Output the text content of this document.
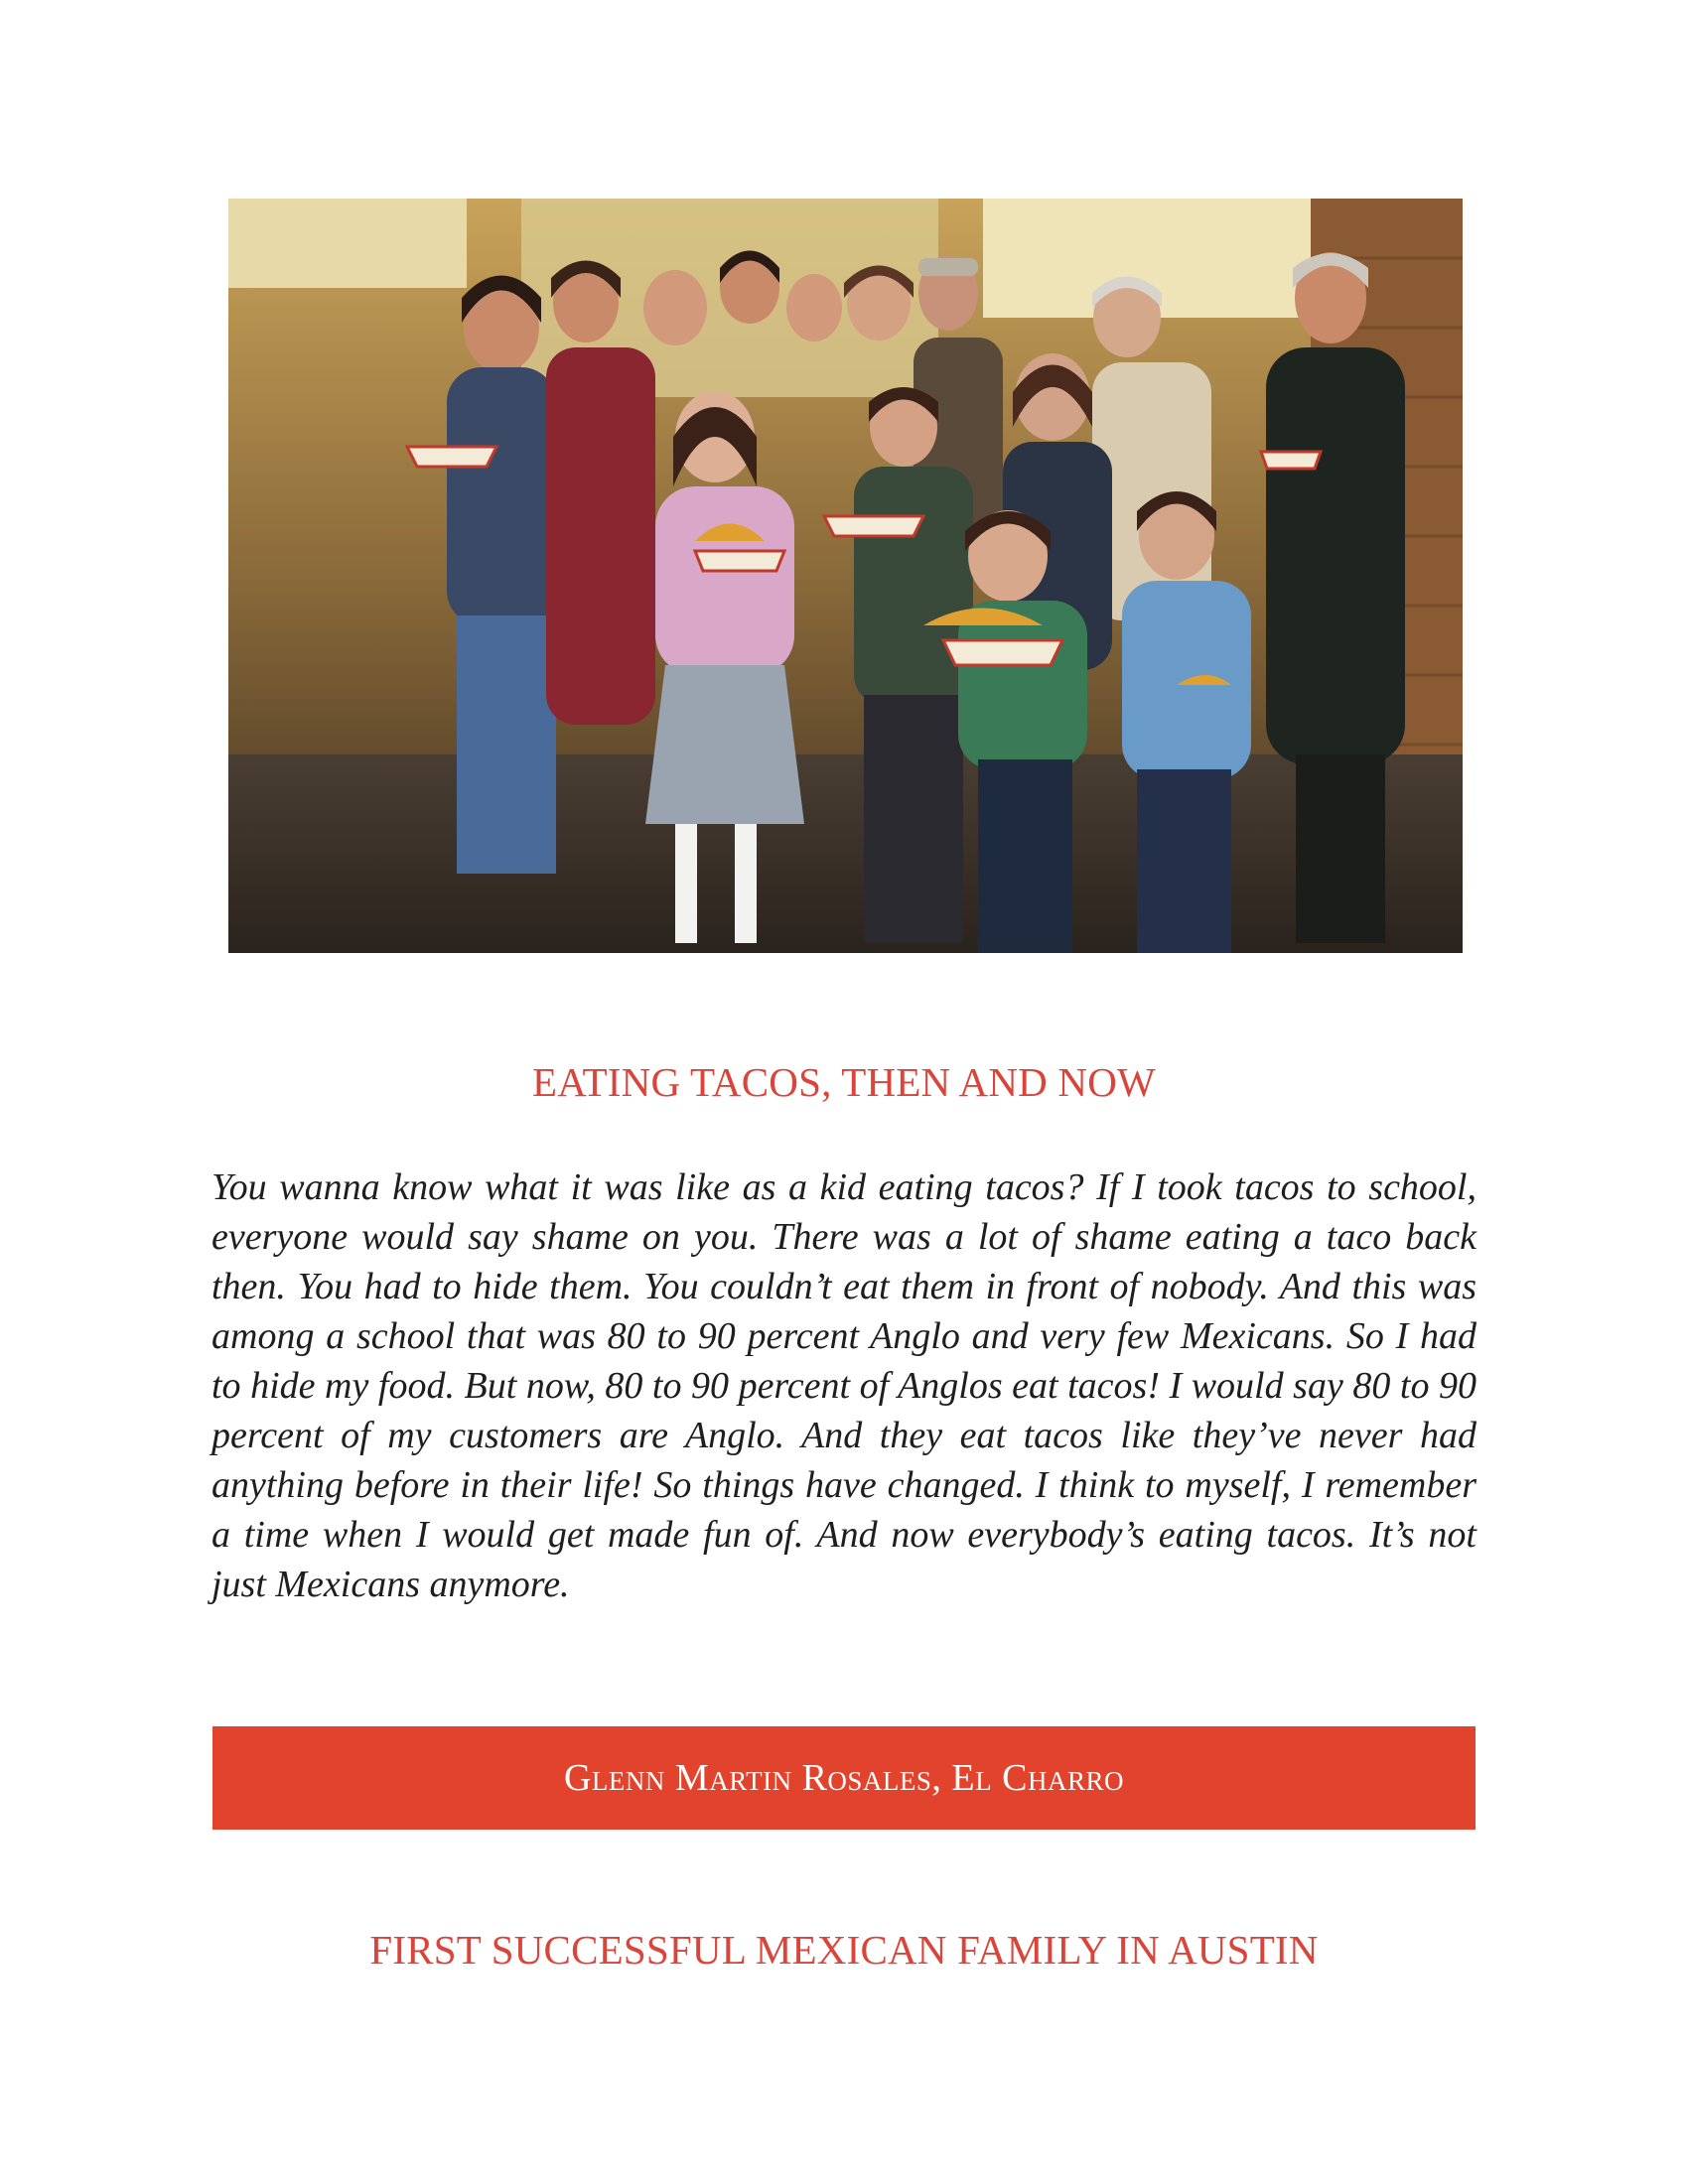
EATING TACOS, THEN AND NOW

You wanna know what it was like as a kid eating tacos? If I took tacos to school, everyone would say shame on you. There was a lot of shame eating a taco back then. You had to hide them. You couldn’t eat them in front of nobody. And this was among a school that was 80 to 90 percent Anglo and very few Mexicans. So I had to hide my food. But now, 80 to 90 percent of Anglos eat tacos! I would say 80 to 90 percent of my customers are Anglo. And they eat tacos like they’ve never had anything before in their life! So things have changed. I think to myself, I remember a time when I would get made fun of. And now everybody’s eating tacos. It’s not just Mexicans anymore.

Glenn Martin Rosales, El Charro
FIRST SUCCESSFUL MEXICAN FAMILY IN AUSTIN
